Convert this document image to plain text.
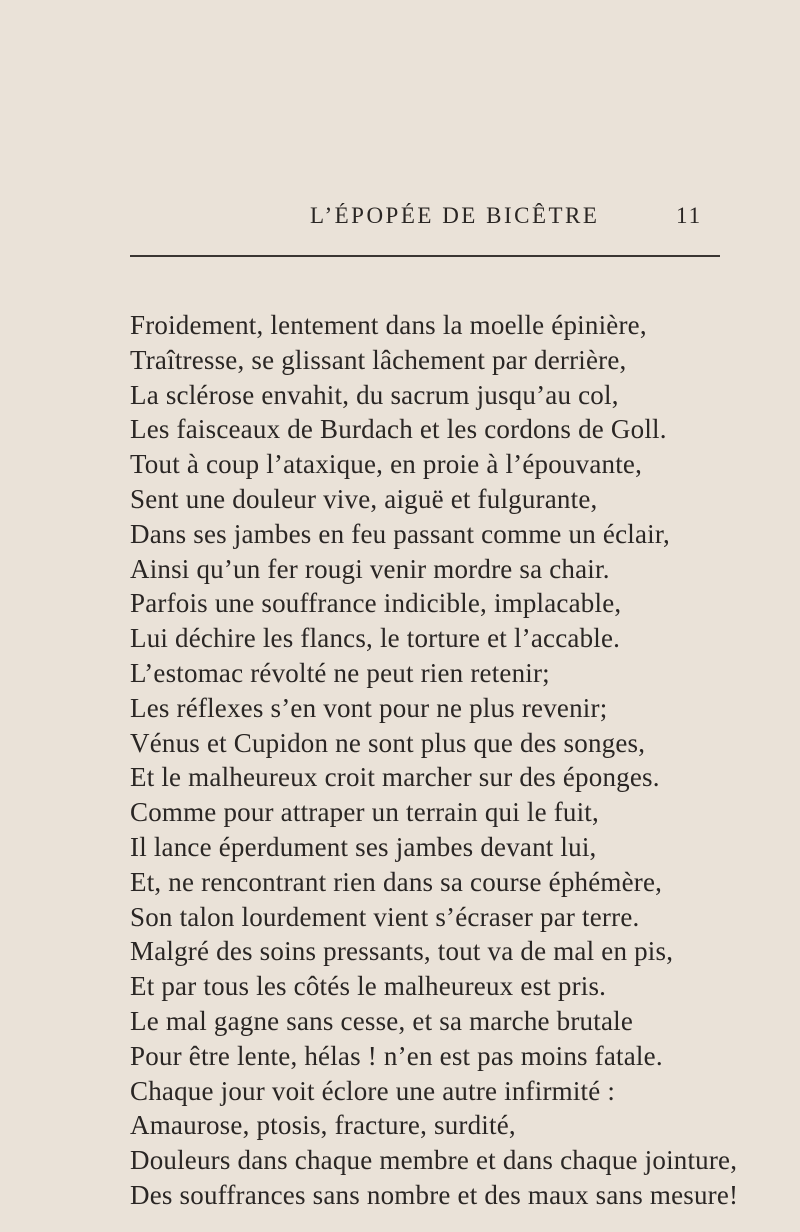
L’ÉPOPÉE DE BICÊTRE	11
Froidement, lentement dans la moelle épinière,
Traîtresse, se glissant lâchement par derrière,
La sclérose envahit, du sacrum jusqu’au col,
Les faisceaux de Burdach et les cordons de Goll.
Tout à coup l’ataxique, en proie à l’épouvante,
Sent une douleur vive, aiguë et fulgurante,
Dans ses jambes en feu passant comme un éclair,
Ainsi qu’un fer rougi venir mordre sa chair.
Parfois une souffrance indicible, implacable,
Lui déchire les flancs, le torture et l’accable.
L’estomac révolté ne peut rien retenir;
Les réflexes s’en vont pour ne plus revenir;
Vénus et Cupidon ne sont plus que des songes,
Et le malheureux croit marcher sur des éponges.
Comme pour attraper un terrain qui le fuit,
Il lance éperdument ses jambes devant lui,
Et, ne rencontrant rien dans sa course éphémère,
Son talon lourdement vient s’écraser par terre.
Malgré des soins pressants, tout va de mal en pis,
Et par tous les côtés le malheureux est pris.
Le mal gagne sans cesse, et sa marche brutale
Pour être lente, hélas ! n’en est pas moins fatale.
Chaque jour voit éclore une autre infirmité :
Amaurose, ptosis, fracture, surdité,
Douleurs dans chaque membre et dans chaque jointure,
Des souffrances sans nombre et des maux sans mesure!
